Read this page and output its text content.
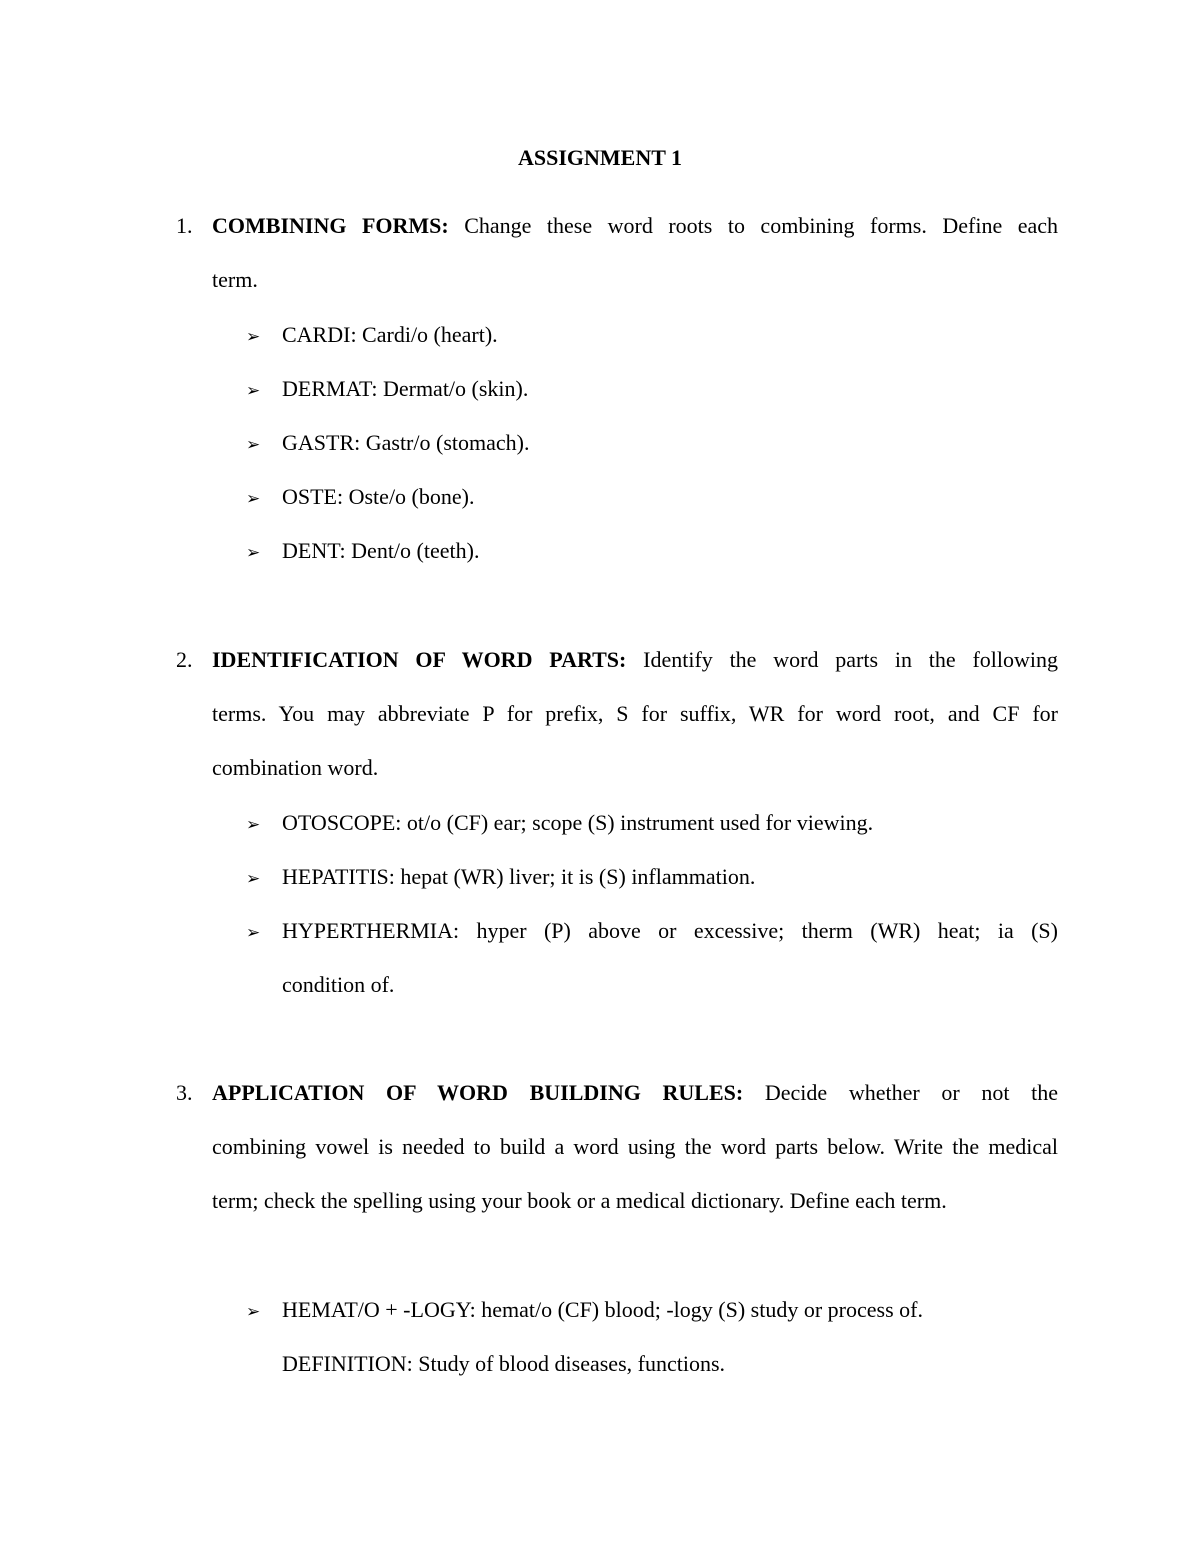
ASSIGNMENT 1
1. COMBINING FORMS: Change these word roots to combining forms. Define each
term.
➢ CARDI: Cardi/o (heart).
➢ DERMAT: Dermat/o (skin).
➢ GASTR: Gastr/o (stomach).
➢ OSTE: Oste/o (bone).
➢ DENT: Dent/o (teeth).
2. IDENTIFICATION OF WORD PARTS: Identify the word parts in the following
terms. You may abbreviate P for prefix, S for suffix, WR for word root, and CF for
combination word.
➢ OTOSCOPE: ot/o (CF) ear; scope (S) instrument used for viewing.
➢ HEPATITIS: hepat (WR) liver; it is (S) inflammation.
➢ HYPERTHERMIA: hyper (P) above or excessive; therm (WR) heat; ia (S)
condition of.
3. APPLICATION OF WORD BUILDING RULES: Decide whether or not the
combining vowel is needed to build a word using the word parts below. Write the medical
term; check the spelling using your book or a medical dictionary. Define each term.
➢ HEMAT/O + -LOGY: hemat/o (CF) blood; -logy (S) study or process of.
DEFINITION: Study of blood diseases, functions.
